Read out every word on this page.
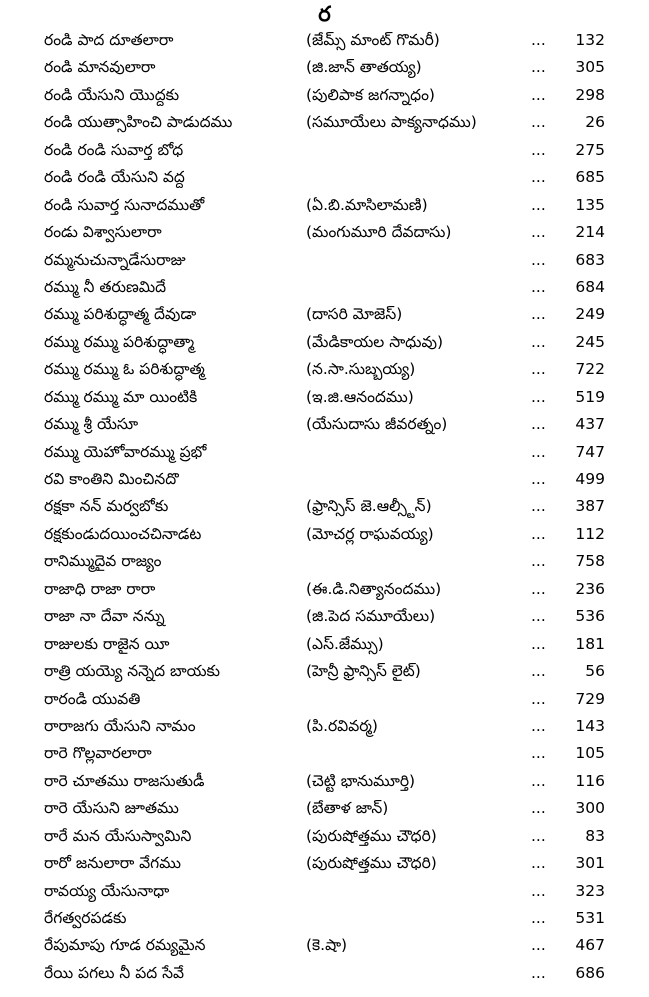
ర
రండి పాద దూతలారా	(జేమ్స్ మాంట్ గొమరీ)	... 132
రండి మానవులారా	(జి.జాన్ తాతయ్య)	... 305
రండి యేసుని యొద్దకు	(పులిపాక జగన్నాధం)	... 298
రండి యుత్సాహించి పాడుదము	(సమూయేలు పాక్యనాధము)	...	26
రండి రండి సువార్త బోధ	... 275
రండి రండి యేసుని వద్ద	... 685
రండి సువార్త సునాదముతో	(ఏ.బి.మాసిలామణి)	... 135
రండు విశ్వాసులారా	(మంగుమూరి దేవదాసు)	... 214
రమ్మనుచున్నాడేసురాజు	... 683
రమ్ము నీ తరుణమిదే	... 684
రమ్ము పరిశుద్ధాత్మ దేవుడా	(దాసరి మోజెస్)	... 249
రమ్ము రమ్ము పరిశుద్ధాత్మా	(మేడికాయల సాధువు)	... 245
రమ్ము రమ్ము ఓ పరిశుద్ధాత్మ	(న.సా.సుబ్బయ్య)	... 722
రమ్ము రమ్ము మా యింటికి	(ఇ.జి.ఆనందము)	... 519
రమ్ము శ్రీ యేసూ	(యేసుదాసు జీవరత్నం)	... 437
రమ్ము యెహోవారమ్ము ప్రభో	... 747
రవి కాంతిని మించినదొ	... 499
రక్షకా నన్ మర్వబోకు	(ఫ్రాన్సిస్ జె.ఆల్స్టీన్)	... 387
రక్షకుండుదయించచినాడట	(మోచర్ల రాఘవయ్య)	... 112
రానిమ్ముదైవ రాజ్యం	... 758
రాజాధి రాజా రారా	(ఈ.డి.నిత్యానందము)	... 236
రాజా నా దేవా నన్ను	(జి.పెద సమూయేలు)	... 536
రాజులకు రాజైన యీ	(ఎస్.జేమ్సు)	... 181
రాత్రి యయ్యె నన్నెద బాయకు	(హెన్రీ ఫ్రాన్సిస్ లైట్)	...	56
రారండి యువతి	... 729
రారాజగు యేసుని నామం	(పి.రవివర్మ)	... 143
రారె గొల్లవారలారా	... 105
రారె చూతము రాజసుతుడీ	(చెట్టి భానుమూర్తి)	... 116
రారె యేసుని జూతము	(బేతాళ జాన్)	... 300
రారే మన యేసుస్వామిని	(పురుషోత్తము చౌధరి)	...	83
రారో జనులారా వేగము	(పురుషోత్తము చౌధరి)	... 301
రావయ్య యేసునాధా	... 323
రేగత్వరపడకు	... 531
రేపుమాపు గూడ రమ్యమైన	(కె.షా)	... 467
రేయి పగలు నీ పద సేవే	... 686
